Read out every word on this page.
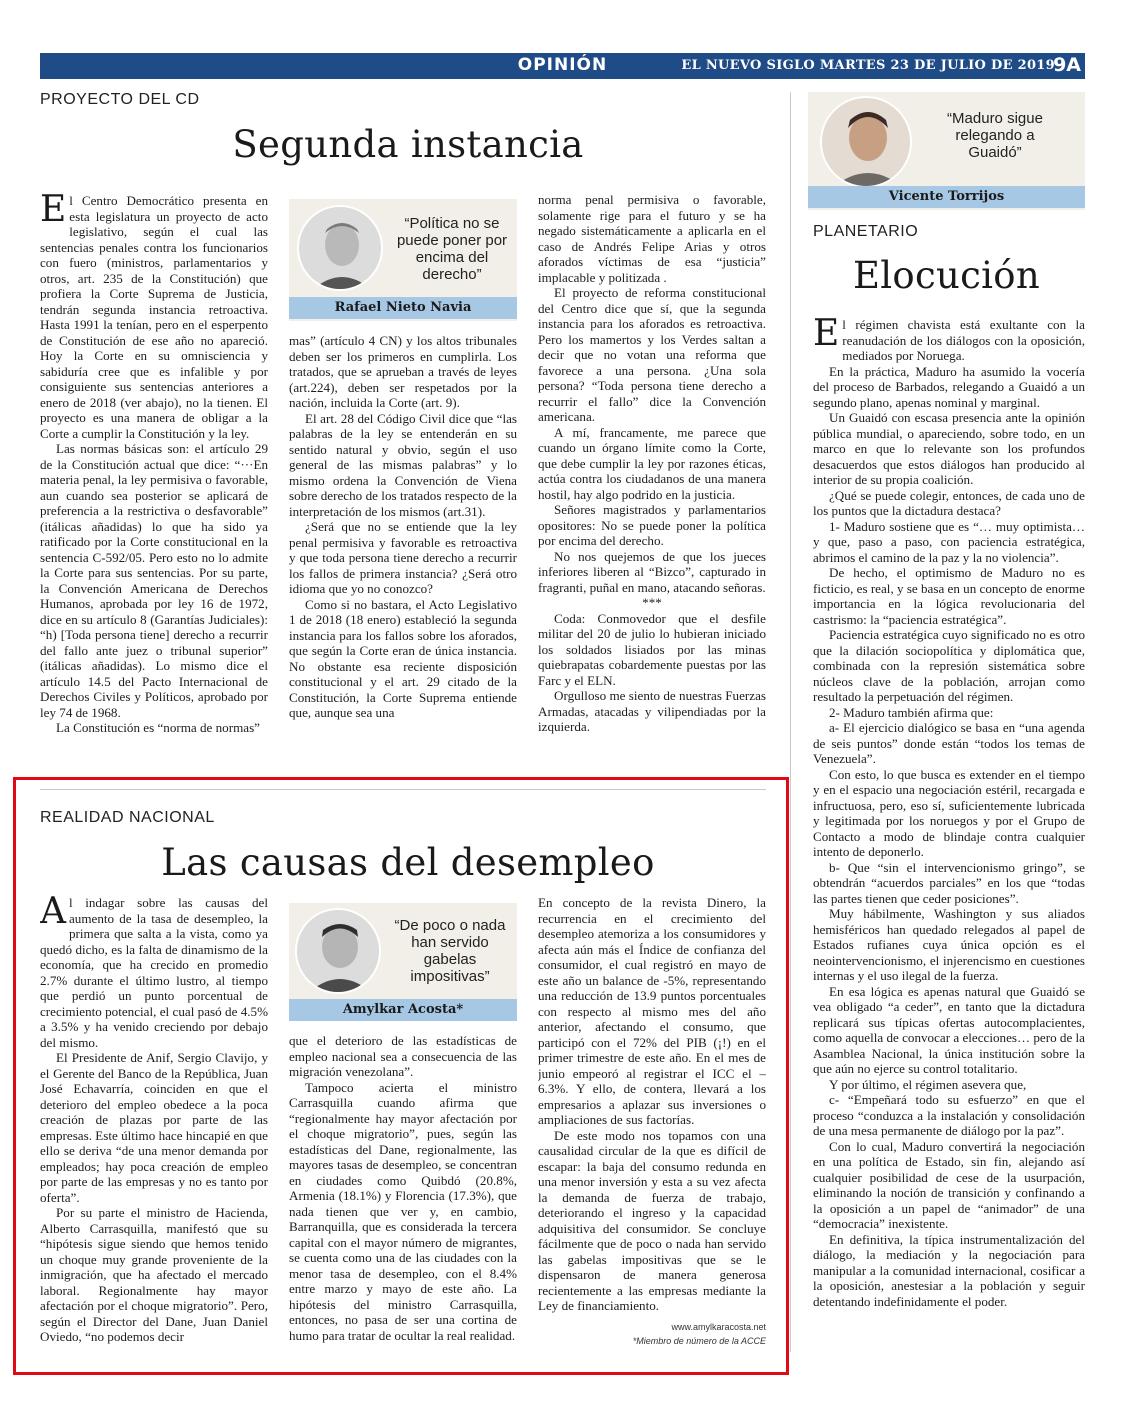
OPINIÓN	EL NUEVO SIGLO MARTES 23 DE JULIO DE 2019
9A
PROYECTO DEL CD
Segunda instancia

El Centro Democrático presenta en esta legislatura un proyecto de acto legislativo, según el cual las sentencias penales contra los funcionarios con fuero (ministros, parlamentarios y otros, art. 235 de la Constitución) que profiera la Corte Suprema de Justicia, tendrán segunda instancia retroactiva. Hasta 1991 la tenían, pero en el esperpento de Constitución de ese año no apareció. Hoy la Corte en su omnisciencia y sabiduría cree que es infalible y por consiguiente sus sentencias anteriores a enero de 2018 (ver abajo), no la tienen. El proyecto es una manera de obligar a la Corte a cumplir la Constitución y la ley.

Las normas básicas son: el artículo 29 de la Constitución actual que dice: “···En materia penal, la ley permisiva o favorable, aun cuando sea posterior se aplicará de preferencia a la restrictiva o desfavorable” (itálicas añadidas) lo que ha sido ya ratificado por la Corte constitucional en la sentencia C-592/05. Pero esto no lo admite la Corte para sus sentencias. Por su parte, la Convención Americana de Derechos Humanos, aprobada por ley 16 de 1972, dice en su artículo 8 (Garantías Judiciales): “h) [Toda persona tiene] derecho a recurrir del fallo ante juez o tribunal superior” (itálicas añadidas). Lo mismo dice el artículo 14.5 del Pacto Internacional de Derechos Civiles y Políticos, aprobado por ley 74 de 1968.

La Constitución es “norma de normas”

“Política no se puede poner por encima del derecho”
Rafael Nieto Navia

mas” (artículo 4 CN) y los altos tribunales deben ser los primeros en cumplirla. Los tratados, que se aprueban a través de leyes (art.224), deben ser respetados por la nación, incluida la Corte (art. 9).

El art. 28 del Código Civil dice que “las palabras de la ley se entenderán en su sentido natural y obvio, según el uso general de las mismas palabras” y lo mismo ordena la Convención de Viena sobre derecho de los tratados respecto de la interpretación de los mismos (art.31).

¿Será que no se entiende que la ley penal permisiva y favorable es retroactiva y que toda persona tiene derecho a recurrir los fallos de primera instancia? ¿Será otro idioma que yo no conozco?

Como si no bastara, el Acto Legislativo 1 de 2018 (18 enero) estableció la segunda instancia para los fallos sobre los aforados, que según la Corte eran de única instancia. No obstante esa reciente disposición constitucional y el art. 29 citado de la Constitución, la Corte Suprema entiende que, aunque sea una

norma penal permisiva o favorable, solamente rige para el futuro y se ha negado sistemáticamente a aplicarla en el caso de Andrés Felipe Arias y otros aforados víctimas de esa “justicia” implacable y politizada .

El proyecto de reforma constitucional del Centro dice que sí, que la segunda instancia para los aforados es retroactiva. Pero los mamertos y los Verdes saltan a decir que no votan una reforma que favorece a una persona. ¿Una sola persona? “Toda persona tiene derecho a recurrir el fallo” dice la Convención americana.

A mí, francamente, me parece que cuando un órgano límite como la Corte, que debe cumplir la ley por razones éticas, actúa contra los ciudadanos de una manera hostil, hay algo podrido en la justicia.

Señores magistrados y parlamentarios opositores: No se puede poner la política por encima del derecho.

No nos quejemos de que los jueces inferiores liberen al “Bizco”, capturado in fragranti, puñal en mano, atacando señoras.

***

Coda: Conmovedor que el desfile militar del 20 de julio lo hubieran iniciado los soldados lisiados por las minas quiebrapatas cobardemente puestas por las Farc y el ELN.

Orgulloso me siento de nuestras Fuerzas Armadas, atacadas y vilipendiadas por la izquierda.

REALIDAD NACIONAL
Las causas del desempleo

Al indagar sobre las causas del aumento de la tasa de desempleo, la primera que salta a la vista, como ya quedó dicho, es la falta de dinamismo de la economía, que ha crecido en promedio 2.7% durante el último lustro, al tiempo que perdió un punto porcentual de crecimiento potencial, el cual pasó de 4.5% a 3.5% y ha venido creciendo por debajo del mismo.

El Presidente de Anif, Sergio Clavijo, y el Gerente del Banco de la República, Juan José Echavarría, coinciden en que el deterioro del empleo obedece a la poca creación de plazas por parte de las empresas. Este último hace hincapié en que ello se deriva “de una menor demanda por empleados; hay poca creación de empleo por parte de las empresas y no es tanto por oferta”.

Por su parte el ministro de Hacienda, Alberto Carrasquilla, manifestó que su “hipótesis sigue siendo que hemos tenido un choque muy grande proveniente de la inmigración, que ha afectado el mercado laboral. Regionalmente hay mayor afectación por el choque migratorio”. Pero, según el Director del Dane, Juan Daniel Oviedo, “no podemos decir

“De poco o nada han servido gabelas impositivas”
Amylkar Acosta*

que el deterioro de las estadísticas de empleo nacional sea a consecuencia de las migración venezolana”.

Tampoco acierta el ministro Carrasquilla cuando afirma que “regionalmente hay mayor afectación por el choque migratorio”, pues, según las estadísticas del Dane, regionalmente, las mayores tasas de desempleo, se concentran en ciudades como Quibdó (20.8%, Armenia (18.1%) y Florencia (17.3%), que nada tienen que ver y, en cambio, Barranquilla, que es considerada la tercera capital con el mayor número de migrantes, se cuenta como una de las ciudades con la menor tasa de desempleo, con el 8.4% entre marzo y mayo de este año. La hipótesis del ministro Carrasquilla, entonces, no pasa de ser una cortina de humo para tratar de ocultar la real realidad.

En concepto de la revista Dinero, la recurrencia en el crecimiento del desempleo atemoriza a los consumidores y afecta aún más el Índice de confianza del consumidor, el cual registró en mayo de este año un balance de -5%, representando una reducción de 13.9 puntos porcentuales con respecto al mismo mes del año anterior, afectando el consumo, que participó con el 72% del PIB (¡!) en el primer trimestre de este año. En el mes de junio empeoró al registrar el ICC el – 6.3%. Y ello, de contera, llevará a los empresarios a aplazar sus inversiones o ampliaciones de sus factorías.

De este modo nos topamos con una causalidad circular de la que es difícil de escapar: la baja del consumo redunda en una menor inversión y esta a su vez afecta la demanda de fuerza de trabajo, deteriorando el ingreso y la capacidad adquisitiva del consumidor. Se concluye fácilmente que de poco o nada han servido las gabelas impositivas que se le dispensaron de manera generosa recientemente a las empresas mediante la Ley de financiamiento.

www.amylkaracosta.net
*Miembro de número de la ACCE
“Maduro sigue relegando a Guaidó”
Vicente Torrijos
PLANETARIO
Elocución

El régimen chavista está exultante con la reanudación de los diálogos con la oposición, mediados por Noruega.

En la práctica, Maduro ha asumido la vocería del proceso de Barbados, relegando a Guaidó a un segundo plano, apenas nominal y marginal.

Un Guaidó con escasa presencia ante la opinión pública mundial, o apareciendo, sobre todo, en un marco en que lo relevante son los profundos desacuerdos que estos diálogos han producido al interior de su propia coalición.

¿Qué se puede colegir, entonces, de cada uno de los puntos que la dictadura destaca?

1- Maduro sostiene que es “… muy optimista… y que, paso a paso, con paciencia estratégica, abrimos el camino de la paz y la no violencia”.

De hecho, el optimismo de Maduro no es ficticio, es real, y se basa en un concepto de enorme importancia en la lógica revolucionaria del castrismo: la “paciencia estratégica”.

Paciencia estratégica cuyo significado no es otro que la dilación sociopolítica y diplomática que, combinada con la represión sistemática sobre núcleos clave de la población, arrojan como resultado la perpetuación del régimen.

2- Maduro también afirma que:

a- El ejercicio dialógico se basa en “una agenda de seis puntos” donde están “todos los temas de Venezuela”.

Con esto, lo que busca es extender en el tiempo y en el espacio una negociación estéril, recargada e infructuosa, pero, eso sí, suficientemente lubricada y legitimada por los noruegos y por el Grupo de Contacto a modo de blindaje contra cualquier intento de deponerlo.

b- Que “sin el intervencionismo gringo”, se obtendrán “acuerdos parciales” en los que “todas las partes tienen que ceder posiciones”.

Muy hábilmente, Washington y sus aliados hemisféricos han quedado relegados al papel de Estados rufianes cuya única opción es el neointervencionismo, el injerencismo en cuestiones internas y el uso ilegal de la fuerza.

En esa lógica es apenas natural que Guaidó se vea obligado “a ceder”, en tanto que la dictadura replicará sus típicas ofertas autocomplacientes, como aquella de convocar a elecciones… pero de la Asamblea Nacional, la única institución sobre la que aún no ejerce su control totalitario.

Y por último, el régimen asevera que,

c- “Empeñará todo su esfuerzo” en que el proceso “conduzca a la instalación y consolidación de una mesa permanente de diálogo por la paz”.

Con lo cual, Maduro convertirá la negociación en una política de Estado, sin fin, alejando así cualquier posibilidad de cese de la usurpación, eliminando la noción de transición y confinando a la oposición a un papel de “animador” de una “democracia” inexistente.

En definitiva, la típica instrumentalización del diálogo, la mediación y la negociación para manipular a la comunidad internacional, cosificar a la oposición, anestesiar a la población y seguir detentando indefinidamente el poder.
